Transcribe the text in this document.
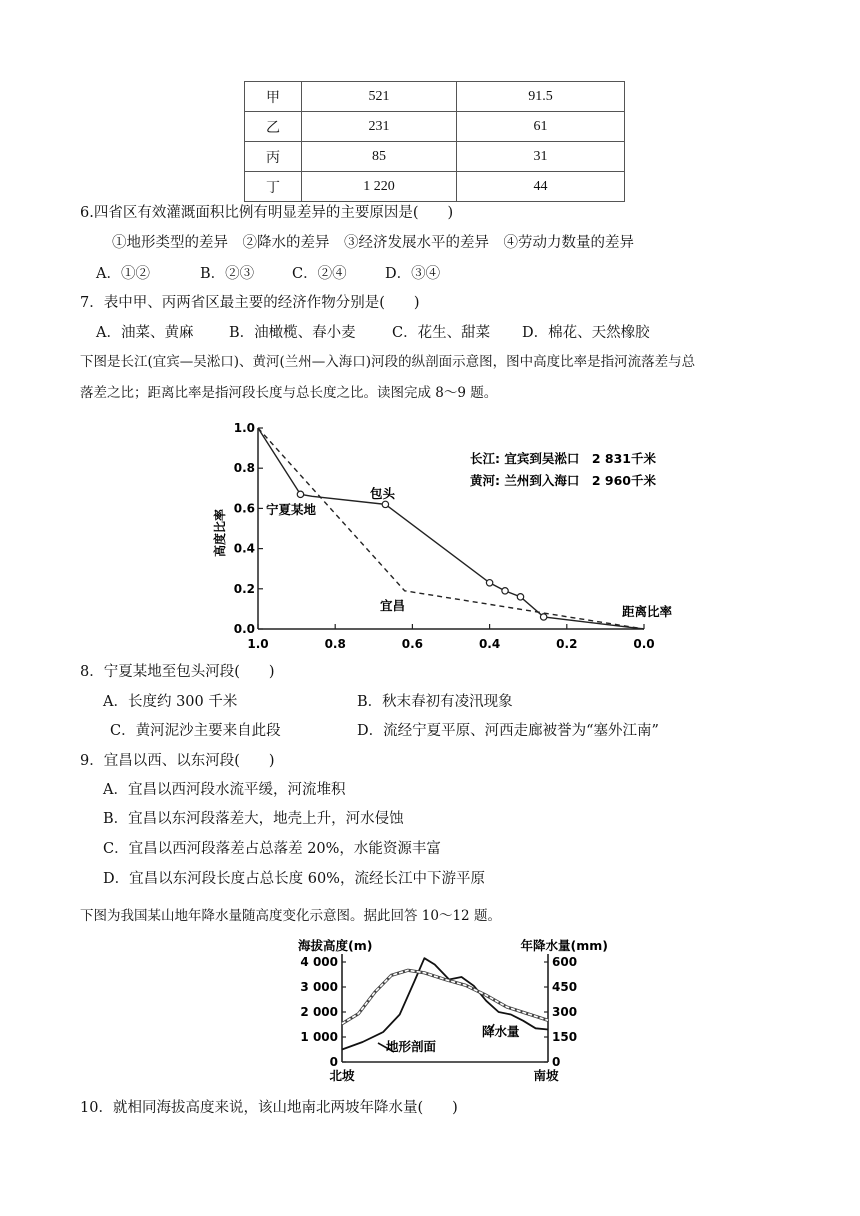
甲	521	91.5
乙	231	61
丙	85	31
丁	1 220	44
6.四省区有效灌溉面积比例有明显差异的主要原因是(　　)
①地形类型的差异　②降水的差异　③经济发展水平的差异　④劳动力数量的差异
A．①②	B．②③	C．②④	D．③④
7．表中甲、丙两省区最主要的经济作物分别是(　　)
A．油菜、黄麻 B．油橄榄、春小麦	C．花生、甜菜 D．棉花、天然橡胶
下图是长江(宜宾—吴淞口)、黄河(兰州—入海口)河段的纵剖面示意图，图中高度比率是指河流落差与总
落差之比；距离比率是指河段长度与总长度之比。读图完成 8～9 题。
1.0
0.8
0.6
0.4
0.2
0.0
1.0	0.8	0.6	0.4	0.2	0.0
高度比率
距离比率
长江: 宜宾到吴淞口　2 831千米
黄河: 兰州到入海口　2 960千米
宁夏某地
包头
宜昌
8．宁夏某地至包头河段(　　)
A．长度约 300 千米	B．秋末春初有凌汛现象
C．黄河泥沙主要来自此段	D．流经宁夏平原、河西走廊被誉为“塞外江南”
9．宜昌以西、以东河段(　　)
A．宜昌以西河段水流平缓，河流堆积
B．宜昌以东河段落差大，地壳上升，河水侵蚀
C．宜昌以西河段落差占总落差 20%，水能资源丰富
D．宜昌以东河段长度占总长度 60%，流经长江中下游平原
下图为我国某山地年降水量随高度变化示意图。据此回答 10～12 题。
4 000
3 000
2 000
1 000
0
600
450
300
150
0
海拔高度(m)	年降水量(mm)
北坡	南坡
地形剖面
降水量
10．就相同海拔高度来说，该山地南北两坡年降水量(　　)
